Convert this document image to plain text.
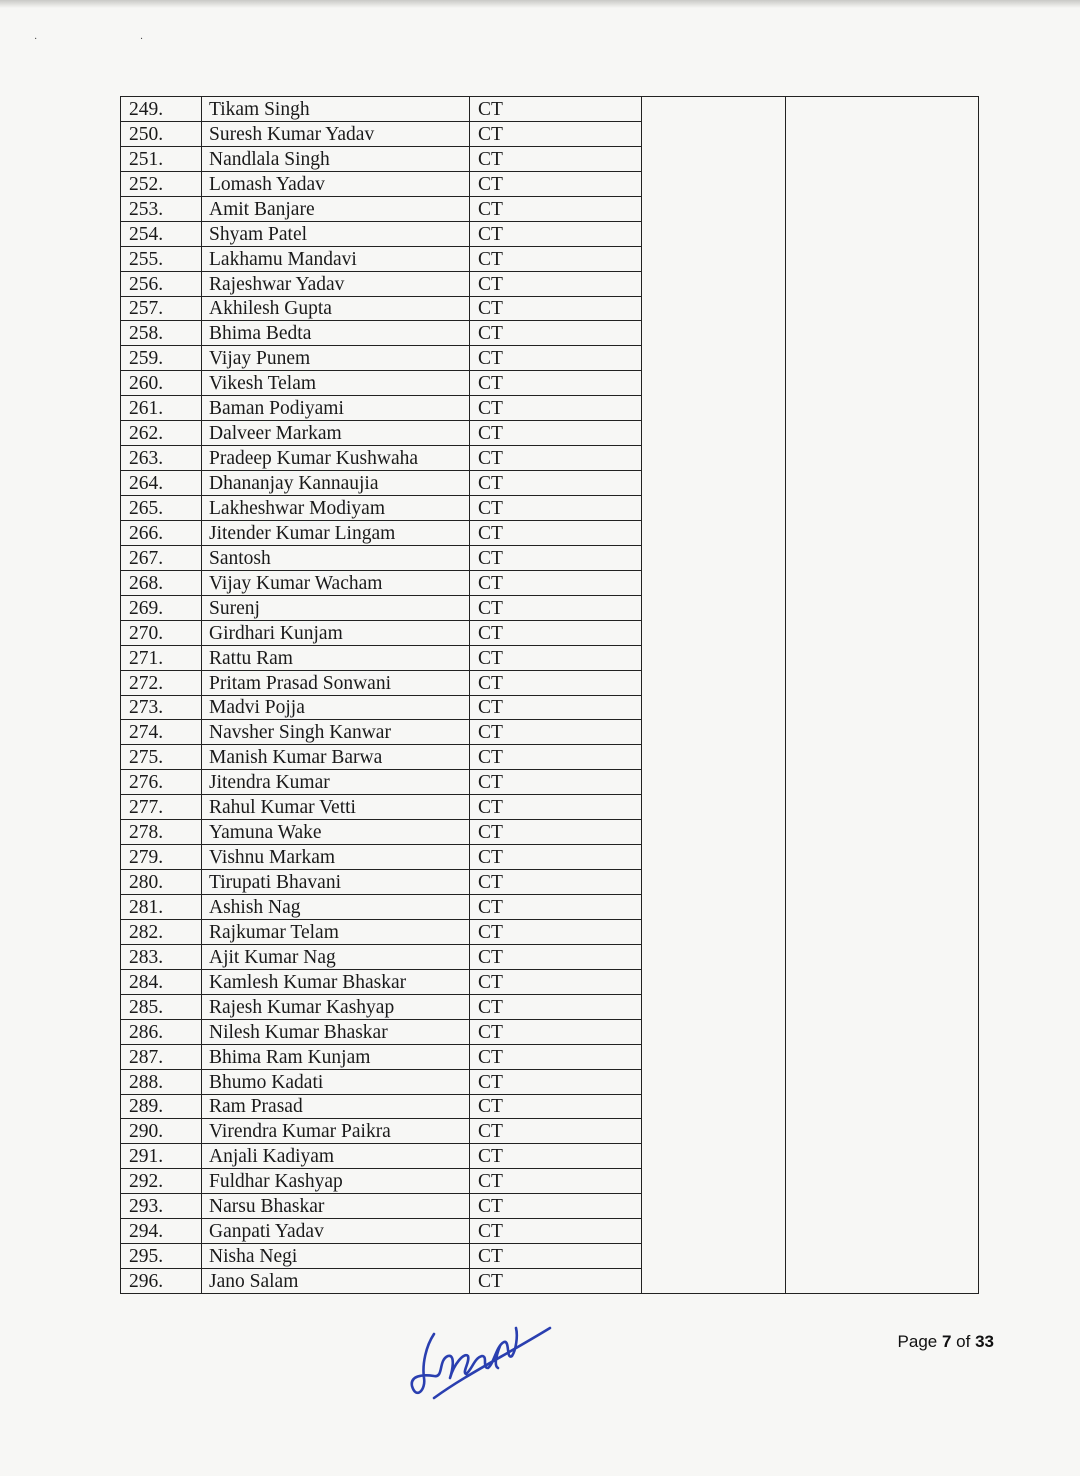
· ·
249.	Tikam Singh	CT		
250.	Suresh Kumar Yadav	CT		
251.	Nandlala Singh	CT		
252.	Lomash Yadav	CT		
253.	Amit Banjare	CT		
254.	Shyam Patel	CT		
255.	Lakhamu Mandavi	CT		
256.	Rajeshwar Yadav	CT		
257.	Akhilesh Gupta	CT		
258.	Bhima Bedta	CT		
259.	Vijay Punem	CT		
260.	Vikesh Telam	CT		
261.	Baman Podiyami	CT		
262.	Dalveer Markam	CT		
263.	Pradeep Kumar Kushwaha	CT		
264.	Dhananjay Kannaujia	CT		
265.	Lakheshwar Modiyam	CT		
266.	Jitender Kumar Lingam	CT		
267.	Santosh	CT		
268.	Vijay Kumar Wacham	CT		
269.	Surenj	CT		
270.	Girdhari Kunjam	CT		
271.	Rattu Ram	CT		
272.	Pritam Prasad Sonwani	CT		
273.	Madvi Pojja	CT		
274.	Navsher Singh Kanwar	CT		
275.	Manish Kumar Barwa	CT		
276.	Jitendra Kumar	CT		
277.	Rahul Kumar Vetti	CT		
278.	Yamuna Wake	CT		
279.	Vishnu Markam	CT		
280.	Tirupati Bhavani	CT		
281.	Ashish Nag	CT		
282.	Rajkumar Telam	CT		
283.	Ajit Kumar Nag	CT		
284.	Kamlesh Kumar Bhaskar	CT		
285.	Rajesh Kumar Kashyap	CT		
286.	Nilesh Kumar Bhaskar	CT		
287.	Bhima Ram Kunjam	CT		
288.	Bhumo Kadati	CT		
289.	Ram Prasad	CT		
290.	Virendra Kumar Paikra	CT		
291.	Anjali Kadiyam	CT		
292.	Fuldhar Kashyap	CT		
293.	Narsu Bhaskar	CT		
294.	Ganpati Yadav	CT		
295.	Nisha Negi	CT		
296.	Jano Salam	CT		
Page 7 of 33
